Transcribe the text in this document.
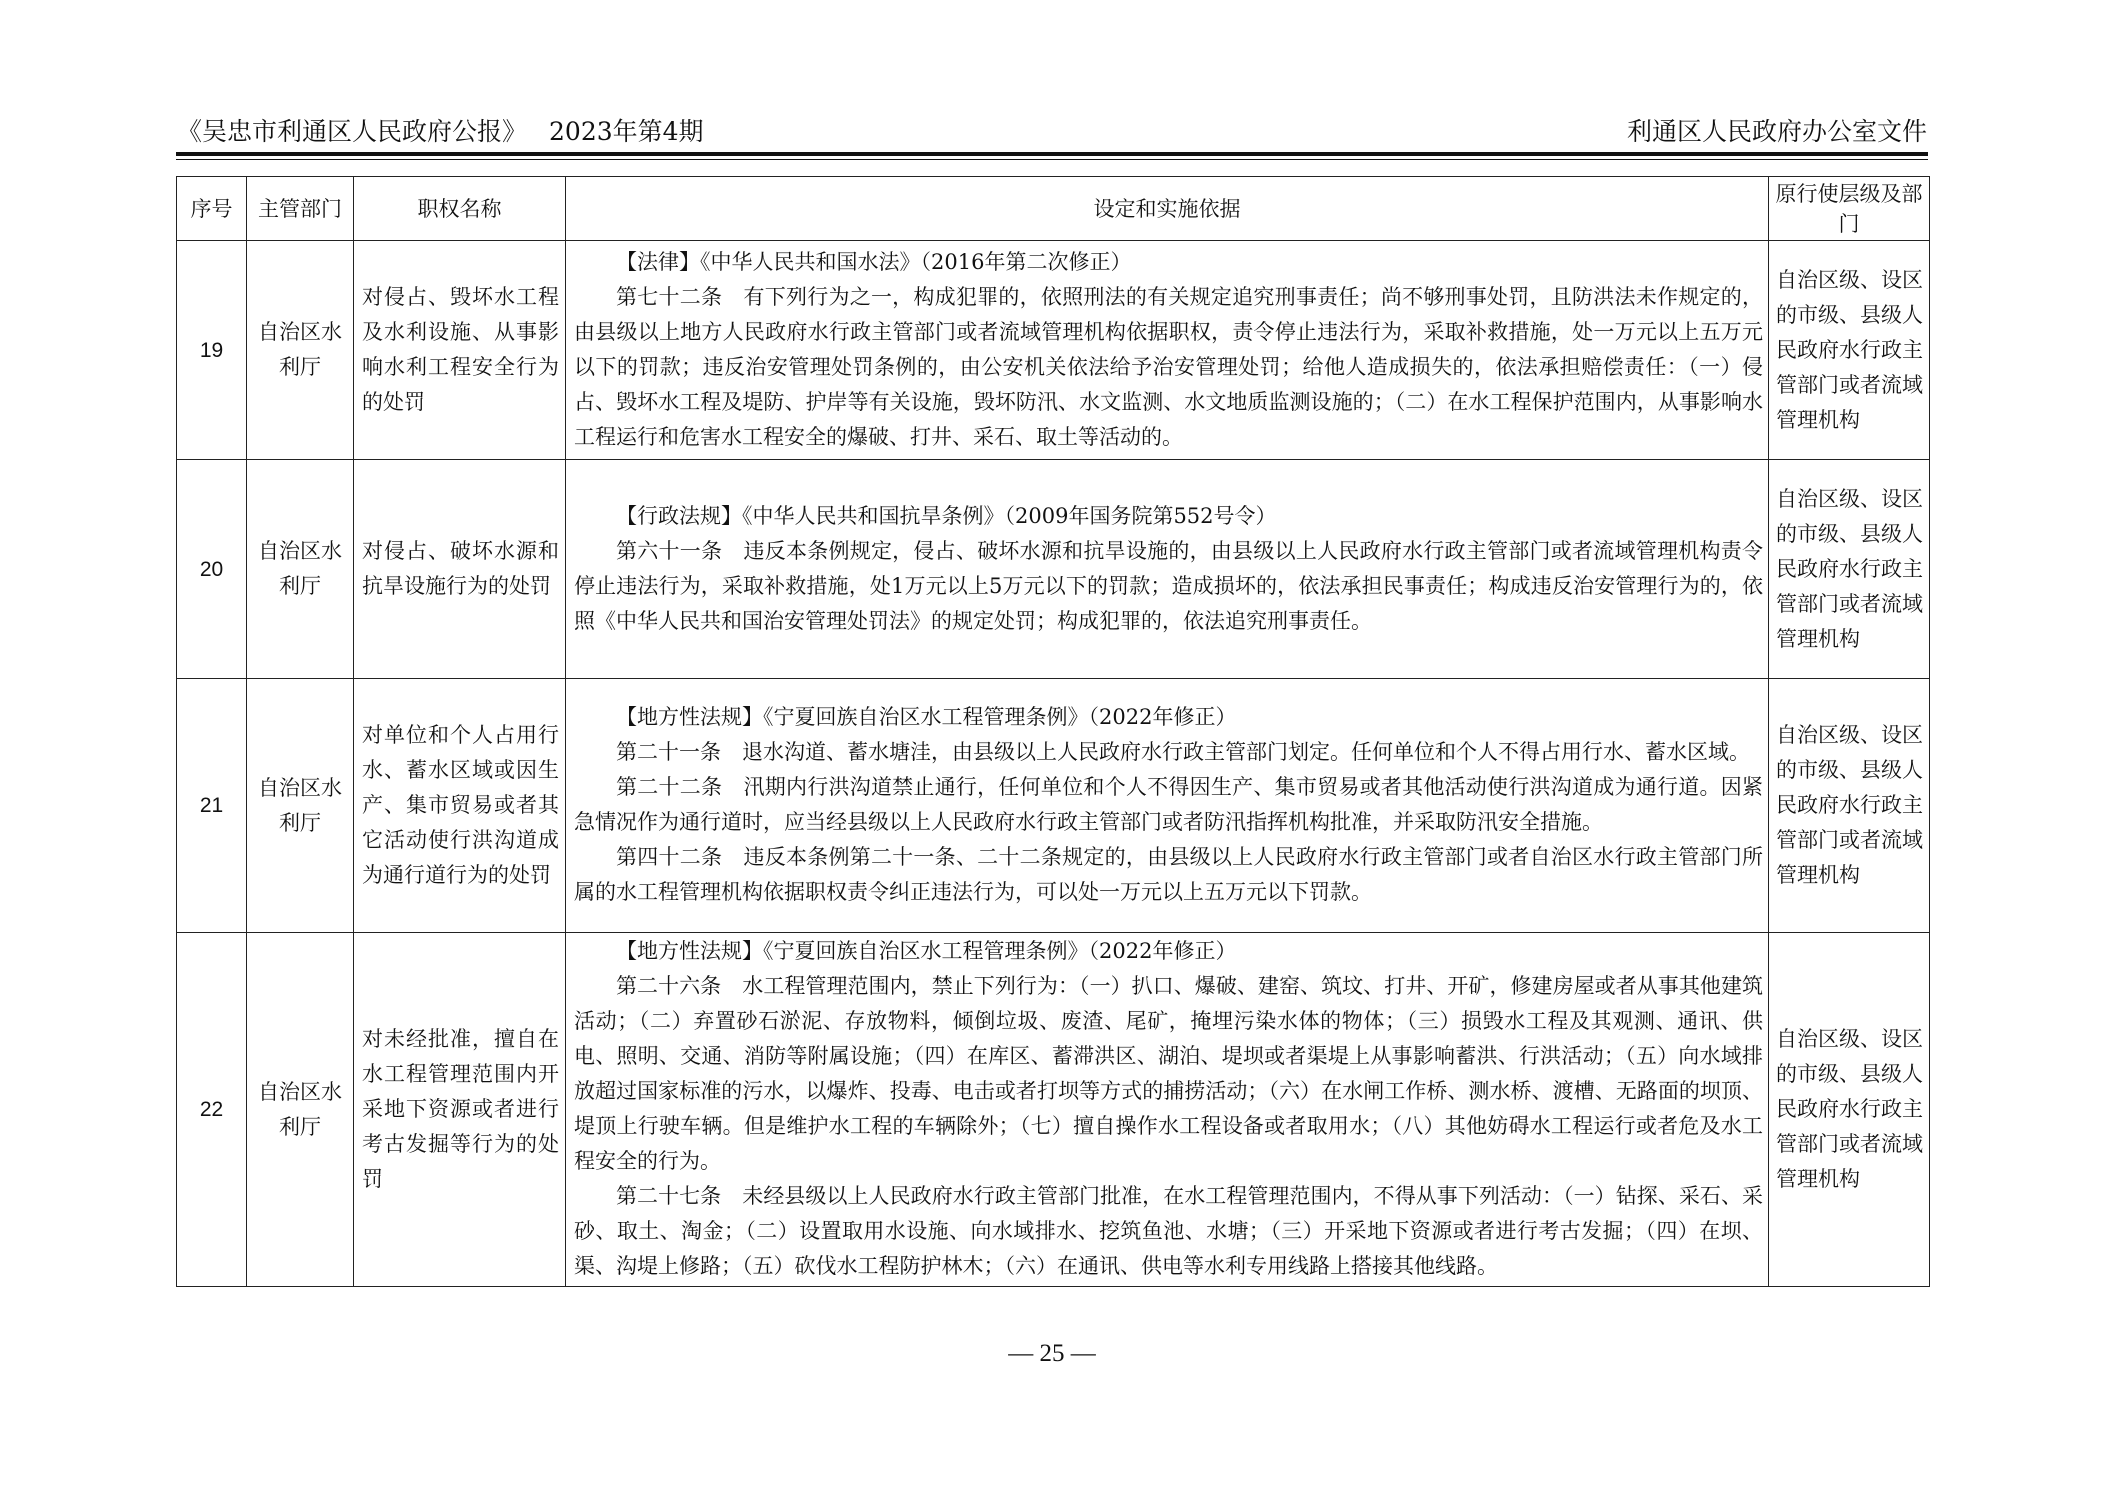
《吴忠市利通区人民政府公报》 2023年第4期	利通区人民政府办公室文件
序号	主管部门	职权名称	设定和实施依据	原行使层级及部门
19	自治区水利厅	对侵占、毁坏水工程及水利设施、从事影响水利工程安全行为的处罚	【法律】《中华人民共和国水法》（2016年第二次修正）

第七十二条　有下列行为之一，构成犯罪的，依照刑法的有关规定追究刑事责任；尚不够刑事处罚，且防洪法未作规定的，由县级以上地方人民政府水行政主管部门或者流域管理机构依据职权，责令停止违法行为，采取补救措施，处一万元以上五万元以下的罚款；违反治安管理处罚条例的，由公安机关依法给予治安管理处罚；给他人造成损失的，依法承担赔偿责任：（一）侵占、毁坏水工程及堤防、护岸等有关设施，毁坏防汛、水文监测、水文地质监测设施的；（二）在水工程保护范围内，从事影响水工程运行和危害水工程安全的爆破、打井、采石、取土等活动的。	自治区级、设区的市级、县级人民政府水行政主管部门或者流域管理机构
20	自治区水利厅	对侵占、破坏水源和抗旱设施行为的处罚	【行政法规】《中华人民共和国抗旱条例》（2009年国务院第552号令）

第六十一条　违反本条例规定，侵占、破坏水源和抗旱设施的，由县级以上人民政府水行政主管部门或者流域管理机构责令停止违法行为，采取补救措施，处1万元以上5万元以下的罚款；造成损坏的，依法承担民事责任；构成违反治安管理行为的，依照《中华人民共和国治安管理处罚法》的规定处罚；构成犯罪的，依法追究刑事责任。	自治区级、设区的市级、县级人民政府水行政主管部门或者流域管理机构
21	自治区水利厅	对单位和个人占用行水、蓄水区域或因生产、集市贸易或者其它活动使行洪沟道成为通行道行为的处罚	【地方性法规】《宁夏回族自治区水工程管理条例》（2022年修正）

第二十一条　退水沟道、蓄水塘洼，由县级以上人民政府水行政主管部门划定。任何单位和个人不得占用行水、蓄水区域。

第二十二条　汛期内行洪沟道禁止通行，任何单位和个人不得因生产、集市贸易或者其他活动使行洪沟道成为通行道。因紧急情况作为通行道时，应当经县级以上人民政府水行政主管部门或者防汛指挥机构批准，并采取防汛安全措施。

第四十二条　违反本条例第二十一条、二十二条规定的，由县级以上人民政府水行政主管部门或者自治区水行政主管部门所属的水工程管理机构依据职权责令纠正违法行为，可以处一万元以上五万元以下罚款。	自治区级、设区的市级、县级人民政府水行政主管部门或者流域管理机构
22	自治区水利厅	对未经批准，擅自在水工程管理范围内开采地下资源或者进行考古发掘等行为的处罚	【地方性法规】《宁夏回族自治区水工程管理条例》（2022年修正）

第二十六条　水工程管理范围内，禁止下列行为：（一）扒口、爆破、建窑、筑坟、打井、开矿，修建房屋或者从事其他建筑活动；（二）弃置砂石淤泥、存放物料，倾倒垃圾、废渣、尾矿，掩埋污染水体的物体；（三）损毁水工程及其观测、通讯、供电、照明、交通、消防等附属设施；（四）在库区、蓄滞洪区、湖泊、堤坝或者渠堤上从事影响蓄洪、行洪活动；（五）向水域排放超过国家标准的污水，以爆炸、投毒、电击或者打坝等方式的捕捞活动；（六）在水闸工作桥、测水桥、渡槽、无路面的坝顶、堤顶上行驶车辆。但是维护水工程的车辆除外；（七）擅自操作水工程设备或者取用水；（八）其他妨碍水工程运行或者危及水工程安全的行为。

第二十七条　未经县级以上人民政府水行政主管部门批准，在水工程管理范围内，不得从事下列活动：（一）钻探、采石、采砂、取土、淘金；（二）设置取用水设施、向水域排水、挖筑鱼池、水塘；（三）开采地下资源或者进行考古发掘；（四）在坝、渠、沟堤上修路；（五）砍伐水工程防护林木；（六）在通讯、供电等水利专用线路上搭接其他线路。	自治区级、设区的市级、县级人民政府水行政主管部门或者流域管理机构
— 25 —
